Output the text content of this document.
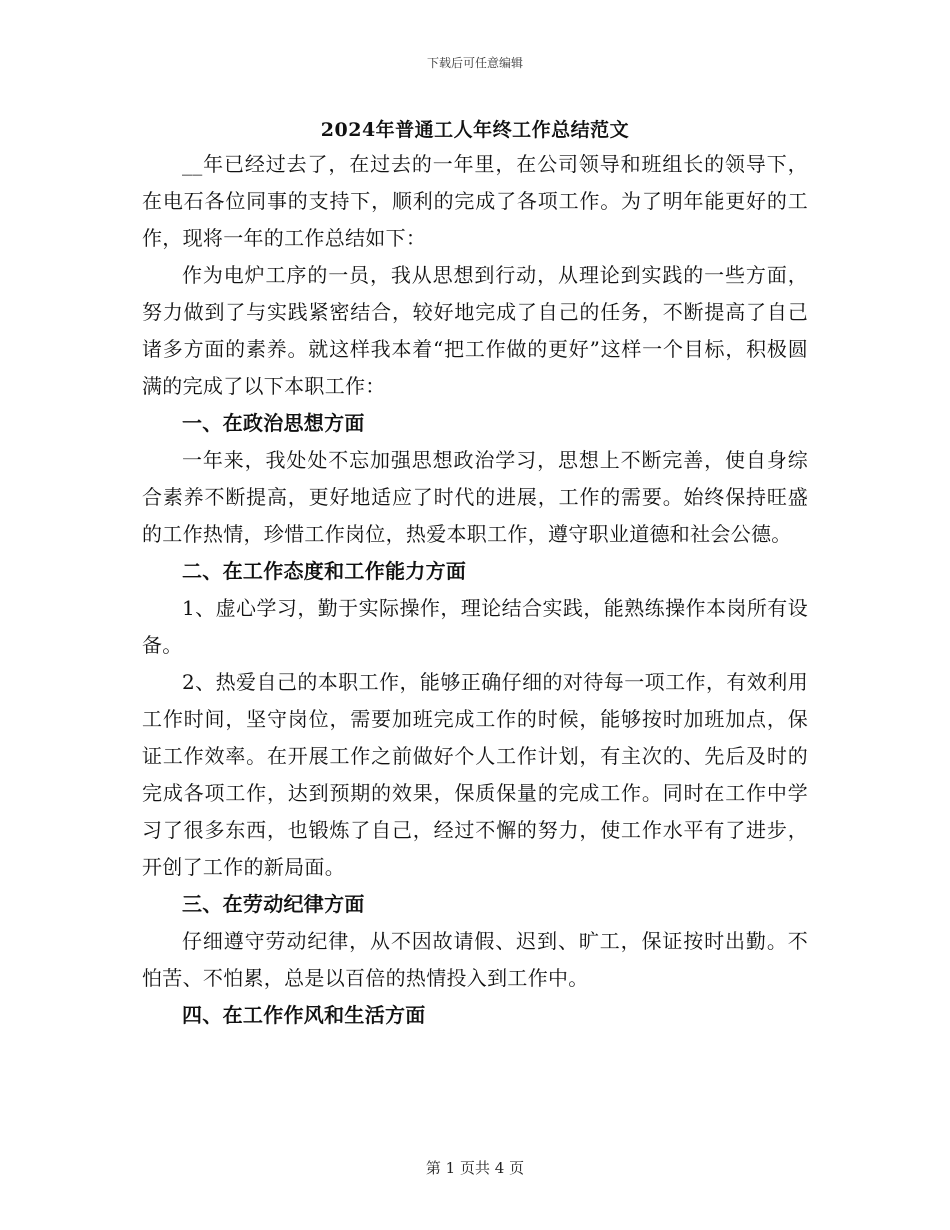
下载后可任意编辑
2024年普通工人年终工作总结范文

__年已经过去了，在过去的一年里，在公司领导和班组长的领导下，在电石各位同事的支持下，顺利的完成了各项工作。为了明年能更好的工作，现将一年的工作总结如下：

作为电炉工序的一员，我从思想到行动，从理论到实践的一些方面，努力做到了与实践紧密结合，较好地完成了自己的任务，不断提高了自己诸多方面的素养。就这样我本着“把工作做的更好”这样一个目标，积极圆满的完成了以下本职工作：

一、在政治思想方面

一年来，我处处不忘加强思想政治学习，思想上不断完善，使自身综合素养不断提高，更好地适应了时代的进展，工作的需要。始终保持旺盛的工作热情，珍惜工作岗位，热爱本职工作，遵守职业道德和社会公德。

二、在工作态度和工作能力方面

1、虚心学习，勤于实际操作，理论结合实践，能熟练操作本岗所有设备。

2、热爱自己的本职工作，能够正确仔细的对待每一项工作，有效利用工作时间，坚守岗位，需要加班完成工作的时候，能够按时加班加点，保证工作效率。在开展工作之前做好个人工作计划，有主次的、先后及时的完成各项工作，达到预期的效果，保质保量的完成工作。同时在工作中学习了很多东西，也锻炼了自己，经过不懈的努力，使工作水平有了进步，开创了工作的新局面。

三、在劳动纪律方面

仔细遵守劳动纪律，从不因故请假、迟到、旷工，保证按时出勤。不怕苦、不怕累，总是以百倍的热情投入到工作中。

四、在工作作风和生活方面

第 1 页共 4 页
